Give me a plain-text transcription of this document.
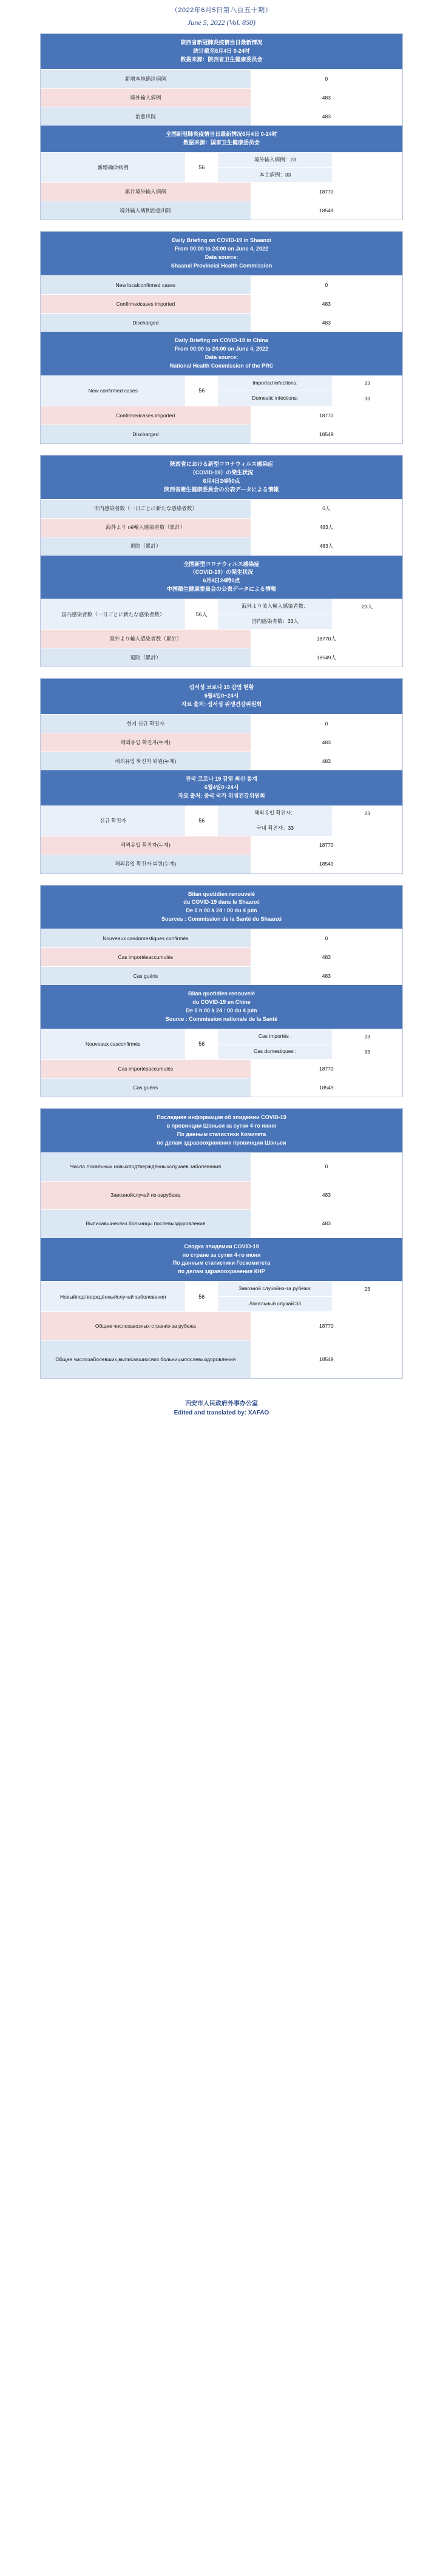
（2022年6月5日第八百五十期）
June 5, 2022 (Vol. 850)
陕西省新冠肺炎疫情当日最新情况
统计截至6月4日 0-24时
数据来源：陕西省卫生健康委员会
新增本地确诊病例	0
境外输入病例	483
治愈出院	483
全国新冠肺炎疫情当日最新情况6月4日 0-24时
数据来源：国家卫生健康委员会
新增确诊病例	56
境外输入病例：23
本土病例：33
累计境外输入病例	18770
境外输入病例治愈出院	18549
Daily Briefing on COVID-19 in Shaanxi
From 00:00 to 24:00 on June 4, 2022
Data source:
Shaanxi Provincial Health Commission
New local confirmed cases	0
Confirmed cases imported	483
Discharged	483
Daily Briefing on COVID-19 in China
From 00:00 to 24:00 on June 4, 2022
Data source:
National Health Commission of the PRC
New confirmed cases	56
Imported infections:	23
Domestic infections:	33
Confirmed cases imported	18770
Discharged	18549
陝西省における新型コロナウィルス感染症
（COVID-19）の発生状況
6月4日24時0点
陝西省衛生健康委員会の公表データによる情報
市内感染者数 （一日ごとに新たな感染者数）	0人
海外より në輸入感染者数 （累計）	483人
退院（累計）	483人
全国新型コロナウィルス感染症
（COVID-19）の発生状況
6月4日24時0点
中国衛生健康委員会の公表データによる情報
国内感染者数 （一日ごとに新たな感染者数）	56人
海外より流入輸入感染者数：	23人
国内感染者数：33人
海外より輸入感染者数 （累計）	18770人
退院（累計）	18549人
섬서성 코로나 19 감염 현황
6월4일0~24시
자료 출처: 섬서성 위생건강위원회
현지 신규 확진자	0
해외유입 확진자 (누계)	483
해외유입 확진자 퇴원 (누계)	483
전국 코로나 19 감염 최신 통계
6월4일0~24시
자료 출처: 중국 국가 위생건강위원회
신규 확진자	56
해외유입 확진자：	23
국내 확진자：33
해외유입 확진자 (누계)	18770
해외유입 확진자 퇴원 (누계)	18549
Bilan quotidien renouvelé
du COVID-19 dans le Shaanxi
De 0 h 00 à 24 : 00 du 4 juin
Sources : Commission de la Santé du Shaanxi
Nouveaux cas domestiques confirmés	0
Cas importés accumulés	483
Cas guéris	483
Bilan quotidien renouvelé
du COVID-19 en Chine
De 0 h 00 à 24 : 00 du 4 juin
Source : Commission nationale de la Santé
Nouveaux cas confirmés	56
Cas importés :	23
Cas domestiques :	33
Cas importés accumulés	18770
Cas guéris	18549
Последняя информация об эпидемии COVID-19
в провинции Шэньси за сутки 4-го июня
По данным статистики Комитета
по делам здравоохранения провинции Шэньси
Число локальных новых подтверждённых случаев заболевания	0
Завозной случай из-за рубежа	483
Выписавшиеся из больницы после выздоровления	483
Сводка эпидемии COVID-19
по стране за сутки 4-го июня
По данным статистики Госкомитета
по делам здравоохранения КНР
Новый подтверждённый случай заболевания	56
Завозной случай из-за рубежа:	23
Локальный случай: 33
Общее число завозных стран из-за рубежа	18770
Общее число заболевших, выписавшихся из больницы после выздоровления	18549
西安市人民政府外事办公室
Edited and translated by: XAFAO
